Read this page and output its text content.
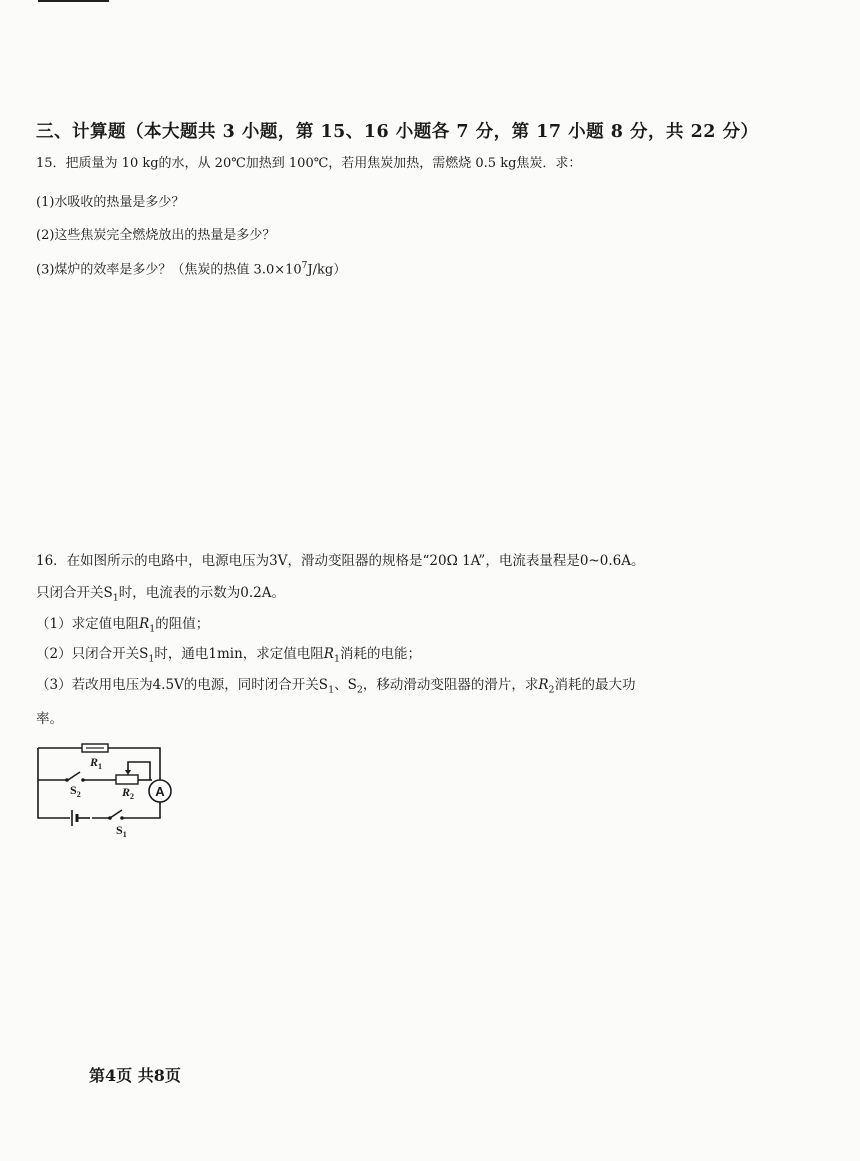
三、计算题（本大题共 3 小题，第 15、16 小题各 7 分，第 17 小题 8 分，共 22 分）
15．把质量为 10 kg的水，从 20℃加热到 100℃，若用焦炭加热，需燃烧 0.5 kg焦炭．求：
(1)水吸收的热量是多少？
(2)这些焦炭完全燃烧放出的热量是多少？
(3)煤炉的效率是多少？（焦炭的热值 $3.0\times 10^7J/kg$）
16．在如图所示的电路中，电源电压为3V，滑动变阻器的规格是“20Ω 1A”，电流表量程是0~0.6A。
只闭合开关$S_1$时，电流表的示数为0.2A。
（1）求定值电阻$R_1$的阻值；
（2）只闭合开关$S_1$时，通电1min，求定值电阻$R_1$消耗的电能；
（3）若改用电压为4.5V的电源，同时闭合开关$S_1$、$S_2$，移动滑动变阻器的滑片，求$R_2$消耗的最大功
率。
A
$R_1$
$R_2$
$S_2$
$S_1$
第4页 共8页
